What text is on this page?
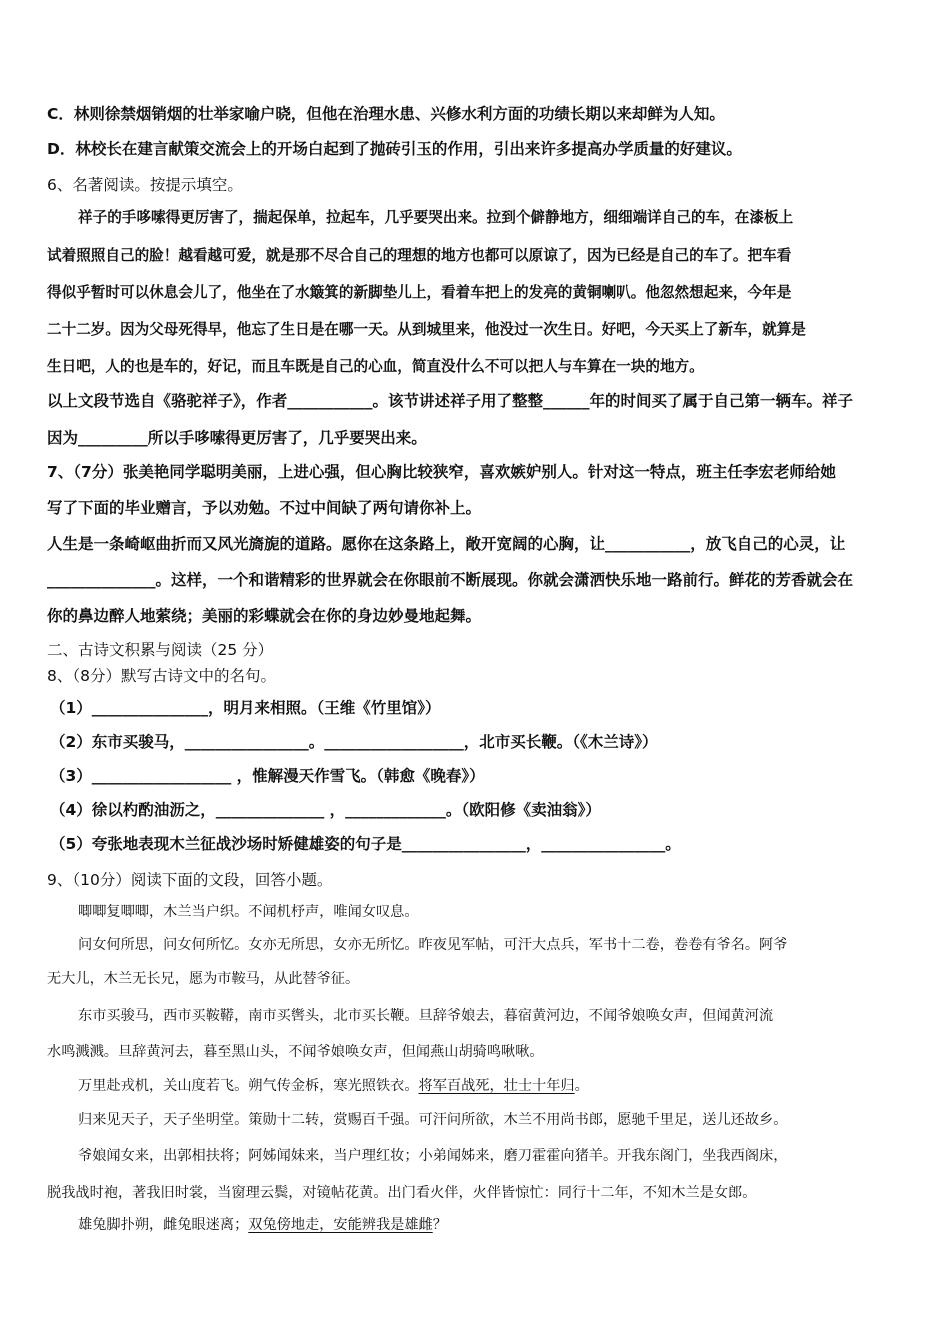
C．林则徐禁烟销烟的壮举家喻户晓，但他在治理水患、兴修水利方面的功绩长期以来却鲜为人知。
D．林校长在建言献策交流会上的开场白起到了抛砖引玉的作用，引出来许多提高办学质量的好建议。
6、名著阅读。按提示填空。
祥子的手哆嗦得更厉害了，揣起保单，拉起车，几乎要哭出来。拉到个僻静地方，细细端详自己的车，在漆板上
试着照照自己的脸！越看越可爱，就是那不尽合自己的理想的地方也都可以原谅了，因为已经是自己的车了。把车看
得似乎暂时可以休息会儿了，他坐在了水簸箕的新脚垫儿上，看着车把上的发亮的黄铜喇叭。他忽然想起来，今年是
二十二岁。因为父母死得早，他忘了生日是在哪一天。从到城里来，他没过一次生日。好吧，今天买上了新车，就算是
生日吧，人的也是车的，好记，而且车既是自己的心血，简直没什么不可以把人与车算在一块的地方。
以上文段节选自《骆驼祥子》，作者___________。该节讲述祥子用了整整______年的时间买了属于自己第一辆车。祥子
因为_________所以手哆嗦得更厉害了，几乎要哭出来。
7、（7分）张美艳同学聪明美丽，上进心强，但心胸比较狭窄，喜欢嫉妒别人。针对这一特点，班主任李宏老师给她
写了下面的毕业赠言，予以劝勉。不过中间缺了两句请你补上。
人生是一条崎岖曲折而又风光旖旎的道路。愿你在这条路上，敞开宽阔的心胸，让___________，放飞自己的心灵，让
______________。这样，一个和谐精彩的世界就会在你眼前不断展现。你就会潇洒快乐地一路前行。鲜花的芳香就会在
你的鼻边醉人地萦绕；美丽的彩蝶就会在你的身边妙曼地起舞。
二、古诗文积累与阅读（25 分）
8、（8分）默写古诗文中的名句。
（1）_______________，明月来相照。（王维《竹里馆》）
（2）东市买骏马，________________。__________________，北市买长鞭。（《木兰诗》）
（3）__________________ ，惟解漫天作雪飞。（韩愈《晚春》）
（4）徐以杓酌油沥之，______________ ，_____________。（欧阳修《卖油翁》）
（5）夸张地表现木兰征战沙场时矫健雄姿的句子是________________，________________。
9、（10分）阅读下面的文段，回答小题。
唧唧复唧唧，木兰当户织。不闻机杼声，唯闻女叹息。
问女何所思，问女何所忆。女亦无所思，女亦无所忆。昨夜见军帖，可汗大点兵，军书十二卷，卷卷有爷名。阿爷
无大儿，木兰无长兄，愿为市鞍马，从此替爷征。
东市买骏马，西市买鞍鞯，南市买辔头，北市买长鞭。旦辞爷娘去，暮宿黄河边，不闻爷娘唤女声，但闻黄河流
水鸣溅溅。旦辞黄河去，暮至黑山头，不闻爷娘唤女声，但闻燕山胡骑鸣啾啾。
万里赴戎机，关山度若飞。朔气传金柝，寒光照铁衣。将军百战死，壮士十年归。
归来见天子，天子坐明堂。策勋十二转，赏赐百千强。可汗问所欲，木兰不用尚书郎，愿驰千里足，送儿还故乡。
爷娘闻女来，出郭相扶将；阿姊闻妹来，当户理红妆；小弟闻姊来，磨刀霍霍向猪羊。开我东阁门，坐我西阁床，
脱我战时袍，著我旧时裳，当窗理云鬓，对镜帖花黄。出门看火伴，火伴皆惊忙：同行十二年，不知木兰是女郎。
雄兔脚扑朔，雌兔眼迷离；双兔傍地走，安能辨我是雄雌？
